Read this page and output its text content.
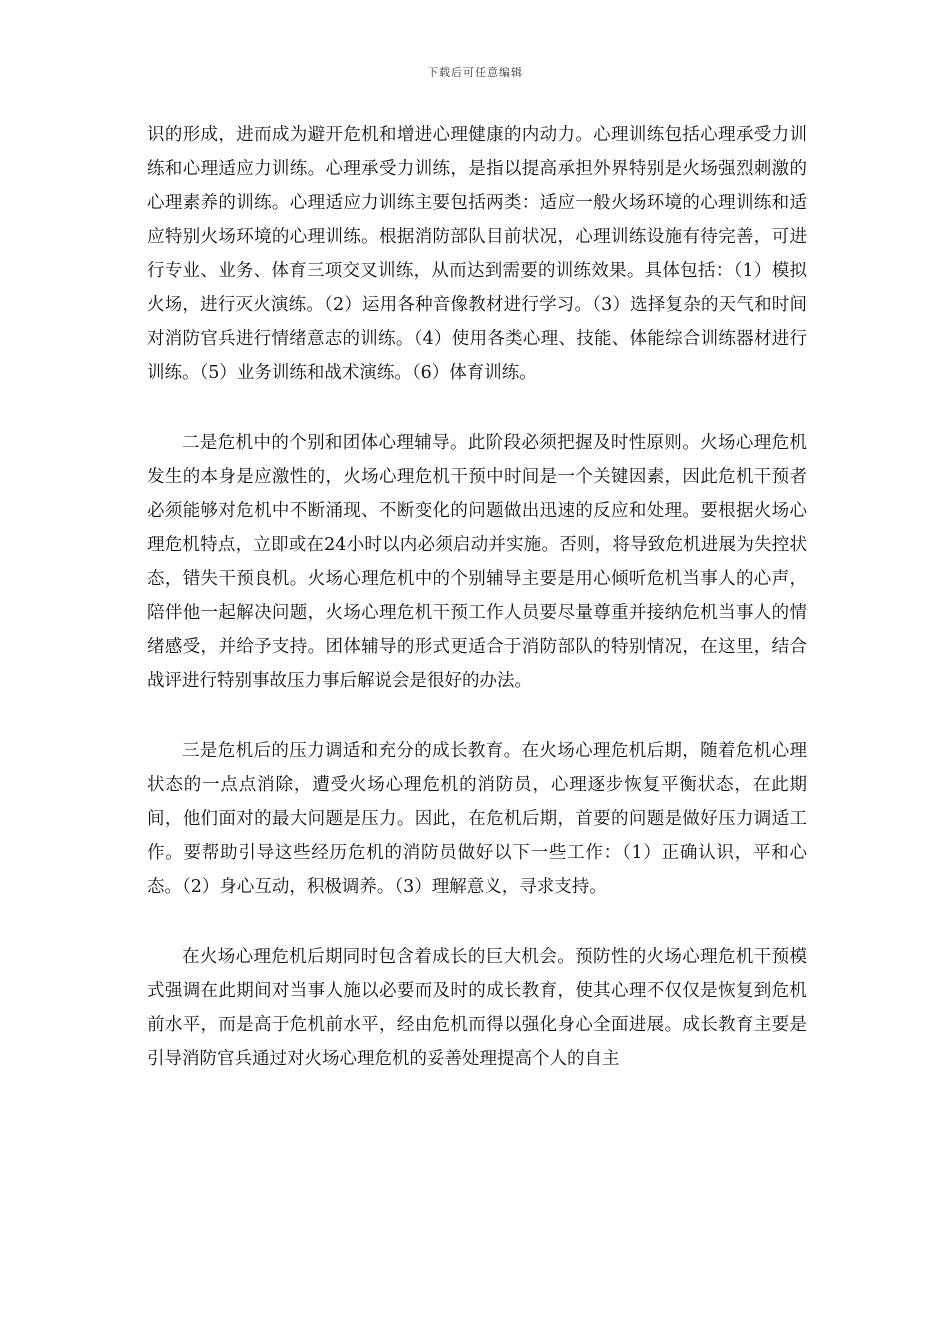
下载后可任意编辑

识的形成，进而成为避开危机和增进心理健康的内动力。心理训练包括心理承受力训练和心理适应力训练。心理承受力训练，是指以提高承担外界特别是火场强烈刺激的心理素养的训练。心理适应力训练主要包括两类：适应一般火场环境的心理训练和适应特别火场环境的心理训练。根据消防部队目前状况，心理训练设施有待完善，可进行专业、业务、体育三项交叉训练，从而达到需要的训练效果。具体包括：（1）模拟火场，进行灭火演练。（2）运用各种音像教材进行学习。（3）选择复杂的天气和时间对消防官兵进行情绪意志的训练。（4）使用各类心理、技能、体能综合训练器材进行训练。（5）业务训练和战术演练。（6）体育训练。

二是危机中的个别和团体心理辅导。此阶段必须把握及时性原则。火场心理危机发生的本身是应激性的，火场心理危机干预中时间是一个关键因素，因此危机干预者必须能够对危机中不断涌现、不断变化的问题做出迅速的反应和处理。要根据火场心理危机特点，立即或在24小时以内必须启动并实施。否则，将导致危机进展为失控状态，错失干预良机。火场心理危机中的个别辅导主要是用心倾听危机当事人的心声，陪伴他一起解决问题，火场心理危机干预工作人员要尽量尊重并接纳危机当事人的情绪感受，并给予支持。团体辅导的形式更适合于消防部队的特别情况，在这里，结合战评进行特别事故压力事后解说会是很好的办法。

三是危机后的压力调适和充分的成长教育。在火场心理危机后期，随着危机心理状态的一点点消除，遭受火场心理危机的消防员，心理逐步恢复平衡状态，在此期间，他们面对的最大问题是压力。因此，在危机后期，首要的问题是做好压力调适工作。要帮助引导这些经历危机的消防员做好以下一些工作：（1）正确认识，平和心态。（2）身心互动，积极调养。（3）理解意义，寻求支持。

在火场心理危机后期同时包含着成长的巨大机会。预防性的火场心理危机干预模式强调在此期间对当事人施以必要而及时的成长教育，使其心理不仅仅是恢复到危机前水平，而是高于危机前水平，经由危机而得以强化身心全面进展。成长教育主要是引导消防官兵通过对火场心理危机的妥善处理提高个人的自主
